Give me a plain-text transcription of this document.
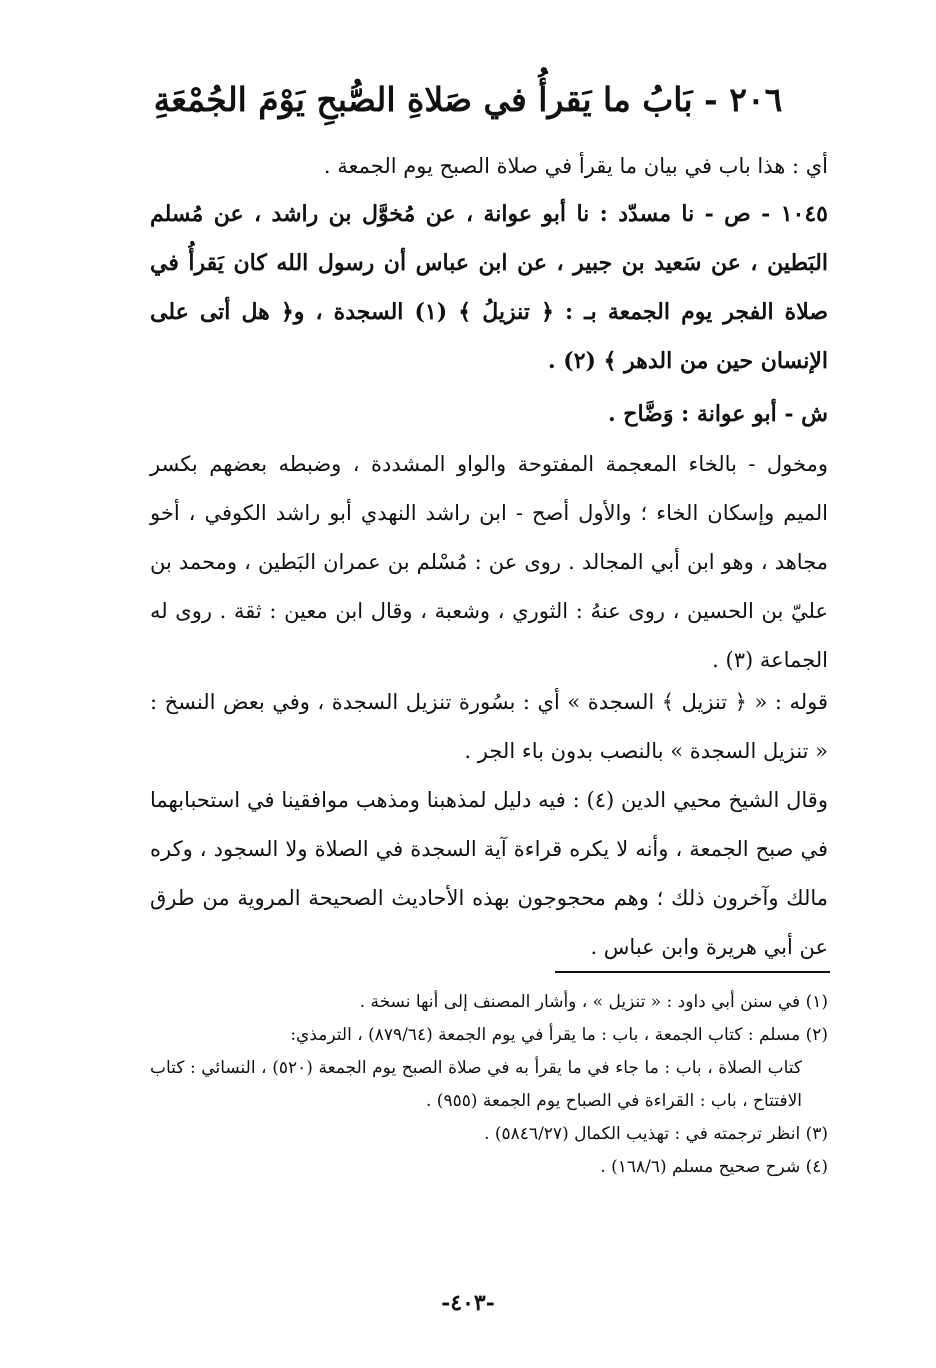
٢٠٦ - بَابُ ما يَقرأُ في صَلاةِ الصُّبحِ يَوْمَ الجُمْعَةِ

أي : هذا باب في بيان ما يقرأ في صلاة الصبح يوم الجمعة .

١٠٤٥ - ص - نا مسدّد : نا أبو عوانة ، عن مُخوَّل بن راشد ، عن مُسلم البَطين ، عن سَعيد بن جبير ، عن ابن عباس أن رسول الله كان يَقرأُ في صلاة الفجر يوم الجمعة بـ : ﴿ تنزيلُ ﴾ (١) السجدة ، و﴿ هل أتى على الإنسان حين من الدهر ﴾ (٢) .

ش - أبو عوانة : وَضَّاح .

ومخول - بالخاء المعجمة المفتوحة والواو المشددة ، وضبطه بعضهم بكسر الميم وإسكان الخاء ؛ والأول أصح - ابن راشد النهدي أبو راشد الكوفي ، أخو مجاهد ، وهو ابن أبي المجالد . روى عن : مُسْلم بن عمران البَطين ، ومحمد بن عليّ بن الحسين ، روى عنهُ : الثوري ، وشعبة ، وقال ابن معين : ثقة . روى له الجماعة (٣) .

قوله : « ﴿ تنزيل ﴾ السجدة » أي : بسُورة تنزيل السجدة ، وفي بعض النسخ : « تنزيل السجدة » بالنصب بدون باء الجر .

وقال الشيخ محيي الدين (٤) : فيه دليل لمذهبنا ومذهب موافقينا في استحبابهما في صبح الجمعة ، وأنه لا يكره قراءة آية السجدة في الصلاة ولا السجود ، وكره مالك وآخرون ذلك ؛ وهم محجوجون بهذه الأحاديث الصحيحة المروية من طرق عن أبي هريرة وابن عباس .

(١) في سنن أبي داود : « تنزيل » ، وأشار المصنف إلى أنها نسخة .

(٢) مسلم : كتاب الجمعة ، باب : ما يقرأ في يوم الجمعة (٨٧٩/٦٤) ، الترمذي:

كتاب الصلاة ، باب : ما جاء في ما يقرأ به في صلاة الصبح يوم الجمعة (٥٢٠) ، النسائي : كتاب الافتتاح ، باب : القراءة في الصباح يوم الجمعة (٩٥٥) .

(٣) انظر ترجمته في : تهذيب الكمال (٥٨٤٦/٢٧) .

(٤) شرح صحيح مسلم (١٦٨/٦) .

-٤٠٣-
